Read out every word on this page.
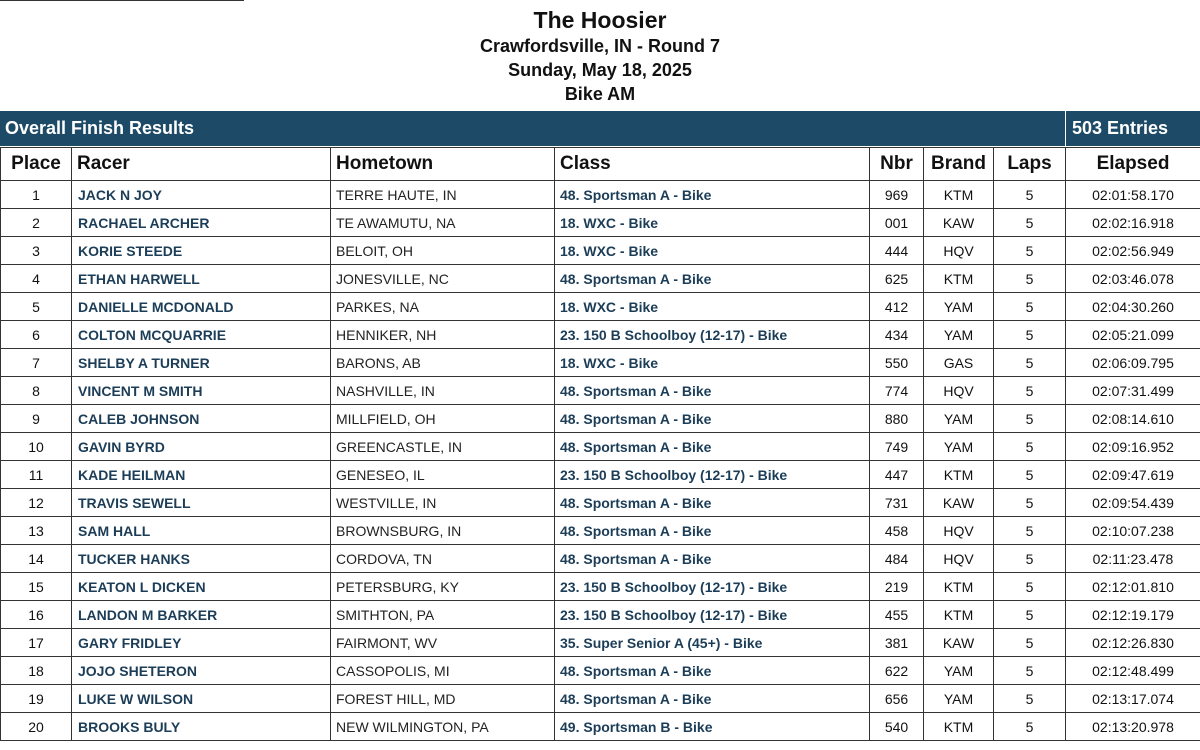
The Hoosier
Crawfordsville, IN - Round 7
Sunday, May 18, 2025
Bike AM
Overall Finish Results	503 Entries
Place	Racer	Hometown	Class	Nbr	Brand	Laps	Elapsed
1	JACK N JOY	TERRE HAUTE, IN	48. Sportsman A - Bike	969	KTM	5	02:01:58.170
2	RACHAEL ARCHER	TE AWAMUTU, NA	18. WXC - Bike	001	KAW	5	02:02:16.918
3	KORIE STEEDE	BELOIT, OH	18. WXC - Bike	444	HQV	5	02:02:56.949
4	ETHAN HARWELL	JONESVILLE, NC	48. Sportsman A - Bike	625	KTM	5	02:03:46.078
5	DANIELLE MCDONALD	PARKES, NA	18. WXC - Bike	412	YAM	5	02:04:30.260
6	COLTON MCQUARRIE	HENNIKER, NH	23. 150 B Schoolboy (12-17) - Bike	434	YAM	5	02:05:21.099
7	SHELBY A TURNER	BARONS, AB	18. WXC - Bike	550	GAS	5	02:06:09.795
8	VINCENT M SMITH	NASHVILLE, IN	48. Sportsman A - Bike	774	HQV	5	02:07:31.499
9	CALEB JOHNSON	MILLFIELD, OH	48. Sportsman A - Bike	880	YAM	5	02:08:14.610
10	GAVIN BYRD	GREENCASTLE, IN	48. Sportsman A - Bike	749	YAM	5	02:09:16.952
11	KADE HEILMAN	GENESEO, IL	23. 150 B Schoolboy (12-17) - Bike	447	KTM	5	02:09:47.619
12	TRAVIS SEWELL	WESTVILLE, IN	48. Sportsman A - Bike	731	KAW	5	02:09:54.439
13	SAM HALL	BROWNSBURG, IN	48. Sportsman A - Bike	458	HQV	5	02:10:07.238
14	TUCKER HANKS	CORDOVA, TN	48. Sportsman A - Bike	484	HQV	5	02:11:23.478
15	KEATON L DICKEN	PETERSBURG, KY	23. 150 B Schoolboy (12-17) - Bike	219	KTM	5	02:12:01.810
16	LANDON M BARKER	SMITHTON, PA	23. 150 B Schoolboy (12-17) - Bike	455	KTM	5	02:12:19.179
17	GARY FRIDLEY	FAIRMONT, WV	35. Super Senior A (45+) - Bike	381	KAW	5	02:12:26.830
18	JOJO SHETERON	CASSOPOLIS, MI	48. Sportsman A - Bike	622	YAM	5	02:12:48.499
19	LUKE W WILSON	FOREST HILL, MD	48. Sportsman A - Bike	656	YAM	5	02:13:17.074
20	BROOKS BULY	NEW WILMINGTON, PA	49. Sportsman B - Bike	540	KTM	5	02:13:20.978
